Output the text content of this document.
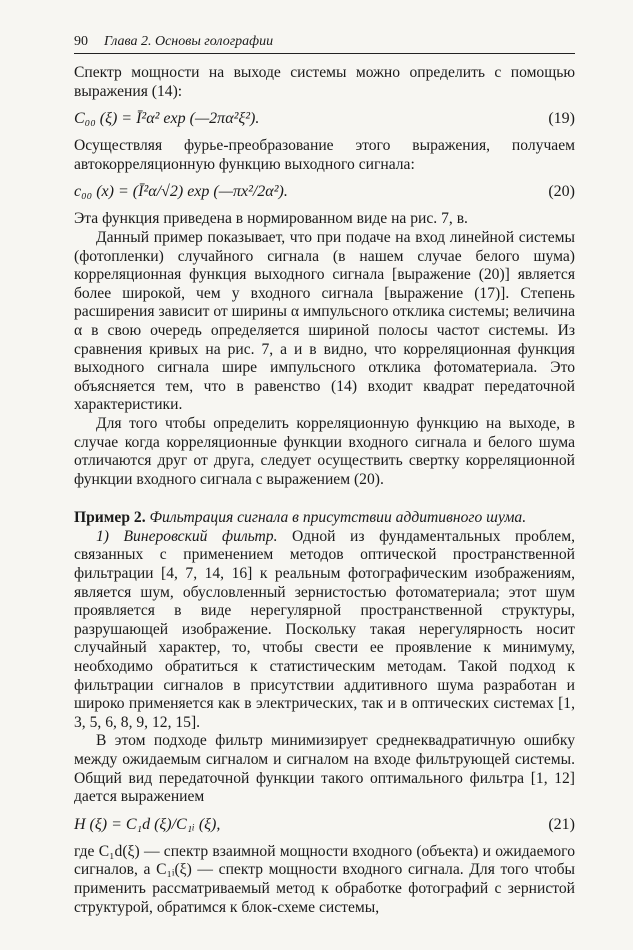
90 Глава 2. Основы голографии

Спектр мощности на выходе системы можно определить с помощью выражения (14):

C₀₀ (ξ) = Ī²α² exp (—2πα²ξ²).	(19)

Осуществляя фурье-преобразование этого выражения, получаем автокорреляционную функцию выходного сигнала:

c₀₀ (x) = (Ī²α/√2) exp (—πx²/2α²).	(20)

Эта функция приведена в нормированном виде на рис. 7, в.

Данный пример показывает, что при подаче на вход линейной системы (фотопленки) случайного сигнала (в нашем случае белого шума) корреляционная функция выходного сигнала [выражение (20)] является более широкой, чем у входного сигнала [выражение (17)]. Степень расширения зависит от ширины α импульсного отклика системы; величина α в свою очередь определяется шириной полосы частот системы. Из сравнения кривых на рис. 7, а и в видно, что корреляционная функция выходного сигнала шире импульсного отклика фотоматериала. Это объясняется тем, что в равенство (14) входит квадрат передаточной характеристики.

Для того чтобы определить корреляционную функцию на выходе, в случае когда корреляционные функции входного сигнала и белого шума отличаются друг от друга, следует осуществить свертку корреляционной функции входного сигнала с выражением (20).

Пример 2. Фильтрация сигнала в присутствии аддитивного шума.

1) Винеровский фильтр. Одной из фундаментальных проблем, связанных с применением методов оптической пространственной фильтрации [4, 7, 14, 16] к реальным фотографическим изображениям, является шум, обусловленный зернистостью фотоматериала; этот шум проявляется в виде нерегулярной пространственной структуры, разрушающей изображение. Поскольку такая нерегулярность носит случайный характер, то, чтобы свести ее проявление к минимуму, необходимо обратиться к статистическим методам. Такой подход к фильтрации сигналов в присутствии аддитивного шума разработан и широко применяется как в электрических, так и в оптических системах [1, 3, 5, 6, 8, 9, 12, 15].

В этом подходе фильтр минимизирует среднеквадратичную ошибку между ожидаемым сигналом и сигналом на входе фильтрующей системы. Общий вид передаточной функции такого оптимального фильтра [1, 12] дается выражением

H (ξ) = C₁d (ξ)/C₁ᵢ (ξ),	(21)

где C₁d(ξ) — спектр взаимной мощности входного (объекта) и ожидаемого сигналов, а C₁ᵢ(ξ) — спектр мощности входного сигнала. Для того чтобы применить рассматриваемый метод к обработке фотографий с зернистой структурой, обратимся к блок-схеме системы,
